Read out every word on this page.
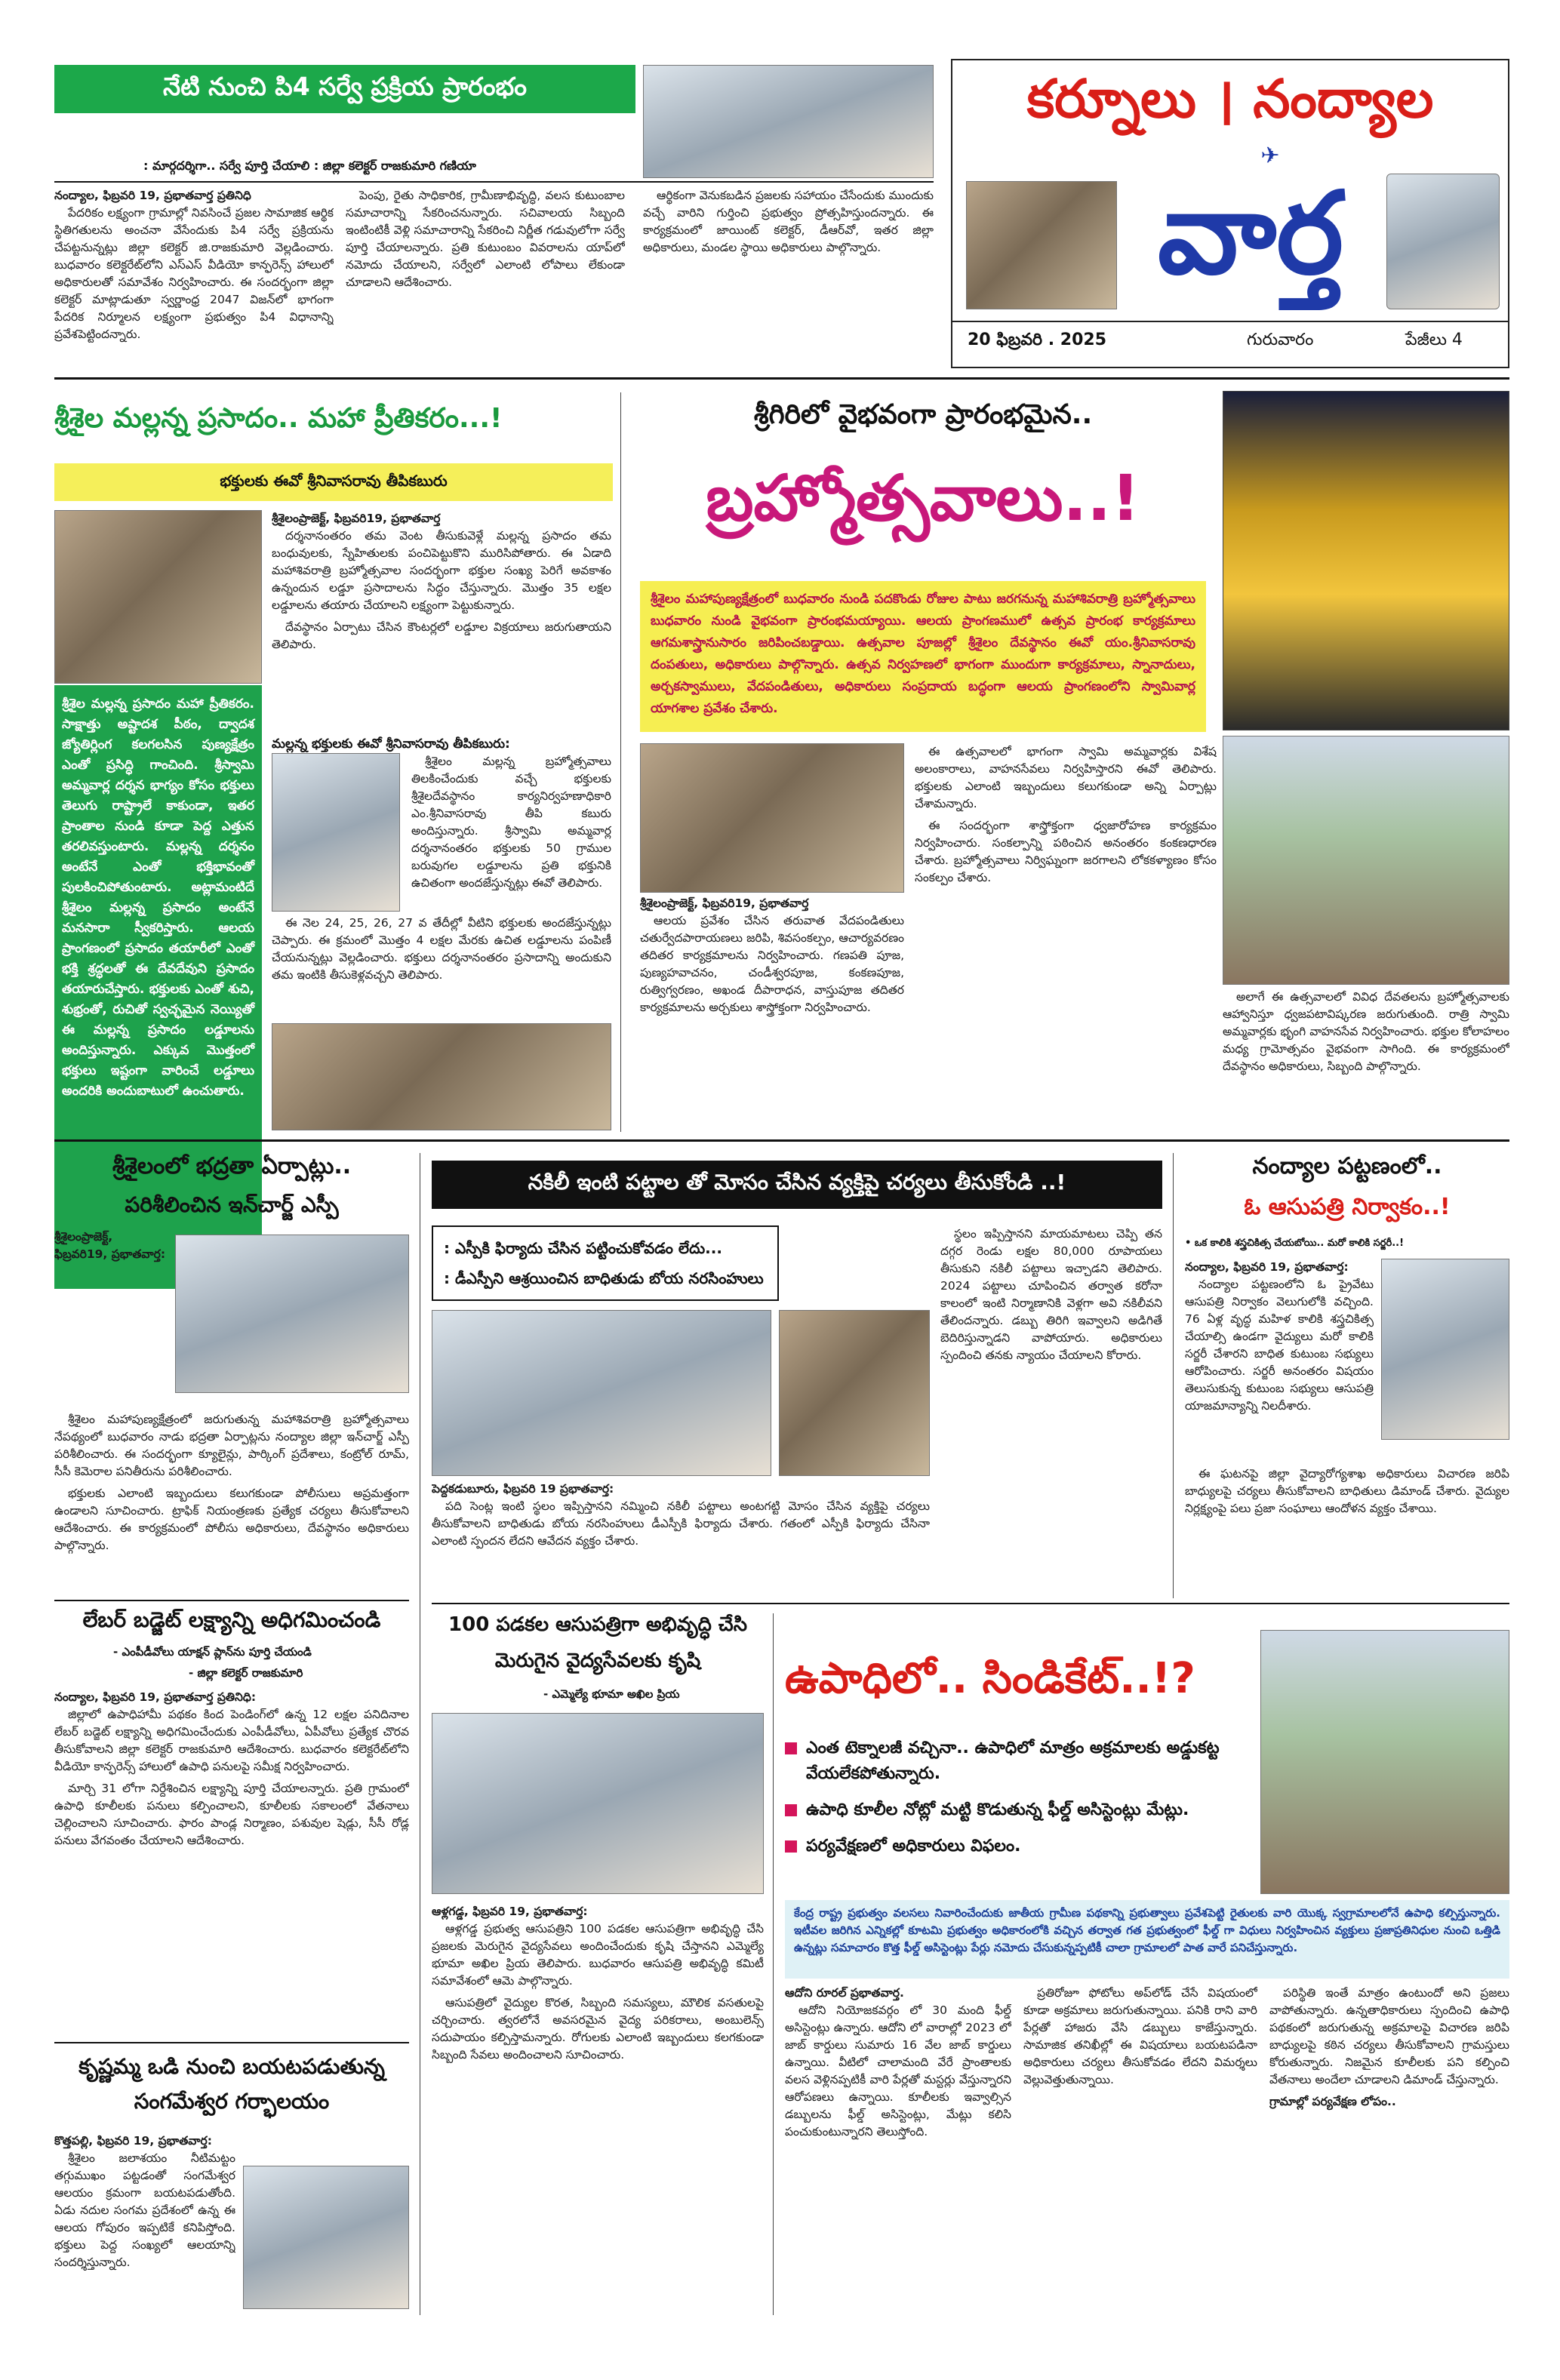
నేటి నుంచి పి4 సర్వే ప్రక్రియ ప్రారంభం
: మార్గదర్శిగా.. సర్వే పూర్తి చేయాలి : జిల్లా కలెక్టర్ రాజకుమారి గణియా
నంద్యాల, ఫిబ్రవరి 19, ప్రభాతవార్త ప్రతినిధి

పేదరికం లక్ష్యంగా గ్రామాల్లో నివసించే ప్రజల సామాజిక ఆర్థిక స్థితిగతులను అంచనా వేసేందుకు పి4 సర్వే ప్రక్రియను చేపట్టనున్నట్లు జిల్లా కలెక్టర్ జి.రాజకుమారి వెల్లడించారు. బుధవారం కలెక్టరేట్‌లోని ఎస్‌ఎస్ వీడియో కాన్ఫరెన్స్ హాలులో అధికారులతో సమావేశం నిర్వహించారు. ఈ సందర్భంగా జిల్లా కలెక్టర్ మాట్లాడుతూ స్వర్ణాంధ్ర 2047 విజన్‌లో భాగంగా పేదరిక నిర్మూలన లక్ష్యంగా ప్రభుత్వం పి4 విధానాన్ని ప్రవేశపెట్టిందన్నారు.

పెంపు, రైతు సాధికారిక, గ్రామీణాభివృద్ధి, వలస కుటుంబాల సమాచారాన్ని సేకరించనున్నారు. సచివాలయ సిబ్బంది ఇంటింటికీ వెళ్లి సమాచారాన్ని సేకరించి నిర్ణీత గడువులోగా సర్వే పూర్తి చేయాలన్నారు. ప్రతి కుటుంబం వివరాలను యాప్‌లో నమోదు చేయాలని, సర్వేలో ఎలాంటి లోపాలు లేకుండా చూడాలని ఆదేశించారు.

ఆర్థికంగా వెనుకబడిన ప్రజలకు సహాయం చేసేందుకు ముందుకు వచ్చే వారిని గుర్తించి ప్రభుత్వం ప్రోత్సహిస్తుందన్నారు. ఈ కార్యక్రమంలో జాయింట్ కలెక్టర్, డీఆర్‌వో, ఇతర జిల్లా అధికారులు, మండల స్థాయి అధికారులు పాల్గొన్నారు.

కర్నూలు । నంద్యాల
వార్త
✈
20 ఫిబ్రవరి . 2025	గురువారం	పేజీలు 4
శ్రీశైల మల్లన్న ప్రసాదం.. మహా ప్రీతికరం...!
భక్తులకు ఈవో శ్రీనివాసరావు తీపికబురు
శ్రీశైల మల్లన్న ప్రసాదం మహా ప్రీతికరం. సాక్షాత్తు అష్టాదశ పీఠం, ద్వాదశ జ్యోతిర్లింగ కలగలసిన పుణ్యక్షేత్రం ఎంతో ప్రసిద్ధి గాంచింది. శ్రీస్వామి అమ్మవార్ల దర్శన భాగ్యం కోసం భక్తులు తెలుగు రాష్ట్రాలే కాకుండా, ఇతర ప్రాంతాల నుండి కూడా పెద్ద ఎత్తున తరలివస్తుంటారు. మల్లన్న దర్శనం అంటేనే ఎంతో భక్తిభావంతో పులకించిపోతుంటారు. అట్లామంటిదే శ్రీశైలం మల్లన్న ప్రసాదం అంటేనే మనసారా స్వీకరిస్తారు. ఆలయ ప్రాంగణంలో ప్రసాదం తయారీలో ఎంతో భక్తి శ్రద్ధలతో ఈ దేవదేవుని ప్రసాదం తయారుచేస్తారు. భక్తులకు ఎంతో శుచి, శుభ్రంతో, రుచితో స్వచ్ఛమైన నెయ్యితో ఈ మల్లన్న ప్రసాదం లడ్డూలను అందిస్తున్నారు. ఎక్కువ మొత్తంలో భక్తులు ఇష్టంగా వారించే లడ్డూలు అందరికి అందుబాటులో ఉంచుతారు.
శ్రీశైలంప్రాజెక్ట్, ఫిబ్రవరి19, ప్రభాతవార్త

దర్శనానంతరం తమ వెంట తీసుకువెళ్లే మల్లన్న ప్రసాదం తమ బంధువులకు, స్నేహితులకు పంచిపెట్టుకొని మురిసిపోతారు. ఈ ఏడాది మహాశివరాత్రి బ్రహ్మోత్సవాల సందర్భంగా భక్తుల సంఖ్య పెరిగే అవకాశం ఉన్నందున లడ్డూ ప్రసాదాలను సిద్ధం చేస్తున్నారు. మొత్తం 35 లక్షల లడ్డూలను తయారు చేయాలని లక్ష్యంగా పెట్టుకున్నారు.

దేవస్థానం ఏర్పాటు చేసిన కౌంటర్లలో లడ్డూల విక్రయాలు జరుగుతాయని తెలిపారు.

మల్లన్న భక్తులకు ఈవో శ్రీనివాసరావు తీపికబురు:

శ్రీశైలం మల్లన్న బ్రహ్మోత్సవాలు తిలకించేందుకు వచ్చే భక్తులకు శ్రీశైలదేవస్థానం కార్యనిర్వహణాధికారి ఎం.శ్రీనివాసరావు తీపి కబురు అందిస్తున్నారు. శ్రీస్వామి అమ్మవార్ల దర్శనానంతరం భక్తులకు 50 గ్రాముల బరువుగల లడ్డూలను ప్రతి భక్తునికి ఉచితంగా అందజేస్తున్నట్లు ఈవో తెలిపారు.

ఈ నెల 24, 25, 26, 27 వ తేదీల్లో వీటిని భక్తులకు అందజేస్తున్నట్లు చెప్పారు. ఈ క్రమంలో మొత్తం 4 లక్షల మేరకు ఉచిత లడ్డూలను పంపిణీ చేయనున్నట్లు వెల్లడించారు. భక్తులు దర్శనానంతరం ప్రసాదాన్ని అందుకుని తమ ఇంటికి తీసుకెళ్లవచ్చని తెలిపారు.

శ్రీగిరిలో వైభవంగా ప్రారంభమైన..
బ్రహ్మోత్సవాలు..!
శ్రీశైలం మహాపుణ్యక్షేత్రంలో బుధవారం నుండి పదకొండు రోజుల పాటు జరగనున్న మహాశివరాత్రి బ్రహ్మోత్సవాలు బుధవారం నుండి వైభవంగా ప్రారంభమయ్యాయి. ఆలయ ప్రాంగణములో ఉత్సవ ప్రారంభ కార్యక్రమాలు ఆగమశాస్త్రానుసారం జరిపించబడ్డాయి. ఉత్సవాల పూజల్లో శ్రీశైలం దేవస్థానం ఈవో యం.శ్రీనివాసరావు దంపతులు, అధికారులు పాల్గొన్నారు. ఉత్సవ నిర్వహణలో భాగంగా ముందుగా కార్యక్రమాలు, స్నానాదులు, అర్చకస్వాములు, వేదపండితులు, అధికారులు సంప్రదాయ బద్ధంగా ఆలయ ప్రాంగణంలోని స్వామివార్ల యాగశాల ప్రవేశం చేశారు.
శ్రీశైలంప్రాజెక్ట్, ఫిబ్రవరి19, ప్రభాతవార్త

ఆలయ ప్రవేశం చేసిన తరువాత వేదపండితులు చతుర్వేదపారాయణలు జరిపి, శివసంకల్పం, ఆచార్యవరణం తదితర కార్యక్రమాలను నిర్వహించారు. గణపతి పూజ, పుణ్యహవాచనం, చండీశ్వరపూజ, కంకణపూజ, రుత్విగ్వరణం, అఖండ దీపారాధన, వాస్తుపూజ తదితర కార్యక్రమాలను అర్చకులు శాస్త్రోక్తంగా నిర్వహించారు.

ఈ ఉత్సవాలలో భాగంగా స్వామి అమ్మవార్లకు విశేష అలంకారాలు, వాహనసేవలు నిర్వహిస్తారని ఈవో తెలిపారు. భక్తులకు ఎలాంటి ఇబ్బందులు కలుగకుండా అన్ని ఏర్పాట్లు చేశామన్నారు.

ఈ సందర్భంగా శాస్త్రోక్తంగా ధ్వజారోహణ కార్యక్రమం నిర్వహించారు. సంకల్పాన్ని పఠించిన అనంతరం కంకణధారణ చేశారు. బ్రహ్మోత్సవాలు నిర్విఘ్నంగా జరగాలని లోకకళ్యాణం కోసం సంకల్పం చేశారు.

అలాగే ఈ ఉత్సవాలలో వివిధ దేవతలను బ్రహ్మోత్సవాలకు ఆహ్వానిస్తూ ధ్వజపటావిష్కరణ జరుగుతుంది. రాత్రి స్వామి అమ్మవార్లకు భృంగి వాహనసేవ నిర్వహించారు. భక్తుల కోలాహలం మధ్య గ్రామోత్సవం వైభవంగా సాగింది. ఈ కార్యక్రమంలో దేవస్థానం అధికారులు, సిబ్బంది పాల్గొన్నారు.

శ్రీశైలంలో భద్రతా ఏర్పాట్లు..
పరిశీలించిన ఇన్‌చార్జ్ ఎస్పీ
శ్రీశైలంప్రాజెక్ట్, ఫిబ్రవరి19, ప్రభాతవార్త:

శ్రీశైలం మహాపుణ్యక్షేత్రంలో జరుగుతున్న మహాశివరాత్రి బ్రహ్మోత్సవాలు నేపథ్యంలో బుధవారం నాడు భద్రతా ఏర్పాట్లను నంద్యాల జిల్లా ఇన్‌చార్జ్ ఎస్పీ పరిశీలించారు. ఈ సందర్భంగా క్యూలైన్లు, పార్కింగ్ ప్రదేశాలు, కంట్రోల్ రూమ్, సీసీ కెమెరాల పనితీరును పరిశీలించారు.

భక్తులకు ఎలాంటి ఇబ్బందులు కలుగకుండా పోలీసులు అప్రమత్తంగా ఉండాలని సూచించారు. ట్రాఫిక్ నియంత్రణకు ప్రత్యేక చర్యలు తీసుకోవాలని ఆదేశించారు. ఈ కార్యక్రమంలో పోలీసు అధికారులు, దేవస్థానం అధికారులు పాల్గొన్నారు.

లేబర్ బడ్జెట్ లక్ష్యాన్ని అధిగమించండి
- ఎంపీడీవోలు యాక్షన్ ప్లాన్‌ను పూర్తి చేయండి
- జిల్లా కలెక్టర్ రాజకుమారి
నంద్యాల, ఫిబ్రవరి 19, ప్రభాతవార్త ప్రతినిధి:

జిల్లాలో ఉపాధిహామీ పథకం కింద పెండింగ్‌లో ఉన్న 12 లక్షల పనిదినాల లేబర్ బడ్జెట్ లక్ష్యాన్ని అధిగమించేందుకు ఎంపీడీవోలు, ఏపీవోలు ప్రత్యేక చొరవ తీసుకోవాలని జిల్లా కలెక్టర్ రాజకుమారి ఆదేశించారు. బుధవారం కలెక్టరేట్‌లోని వీడియో కాన్ఫరెన్స్ హాలులో ఉపాధి పనులపై సమీక్ష నిర్వహించారు.

మార్చి 31 లోగా నిర్దేశించిన లక్ష్యాన్ని పూర్తి చేయాలన్నారు. ప్రతి గ్రామంలో ఉపాధి కూలీలకు పనులు కల్పించాలని, కూలీలకు సకాలంలో వేతనాలు చెల్లించాలని సూచించారు. ఫారం పాండ్ల నిర్మాణం, పశువుల షెడ్లు, సీసీ రోడ్ల పనులు వేగవంతం చేయాలని ఆదేశించారు.

కృష్ణమ్మ ఒడి నుంచి బయటపడుతున్న సంగమేశ్వర గర్భాలయం
కొత్తపల్లి, ఫిబ్రవరి 19, ప్రభాతవార్త:

శ్రీశైలం జలాశయం నీటిమట్టం తగ్గుముఖం పట్టడంతో సంగమేశ్వర ఆలయం క్రమంగా బయటపడుతోంది. ఏడు నదుల సంగమ ప్రదేశంలో ఉన్న ఈ ఆలయ గోపురం ఇప్పటికే కనిపిస్తోంది. భక్తులు పెద్ద సంఖ్యలో ఆలయాన్ని సందర్శిస్తున్నారు.

నకిలీ ఇంటి పట్టాల తో మోసం చేసిన వ్యక్తిపై చర్యలు తీసుకోండి ..!
: ఎస్పీకి ఫిర్యాదు చేసిన పట్టించుకోవడం లేదు...
: డీఎస్పీని ఆశ్రయించిన బాధితుడు బోయ నరసింహులు
పెద్దకడుబూరు, ఫిబ్రవరి 19 ప్రభాతవార్త:

పది సెంట్ల ఇంటి స్థలం ఇప్పిస్తానని నమ్మించి నకిలీ పట్టాలు అంటగట్టి మోసం చేసిన వ్యక్తిపై చర్యలు తీసుకోవాలని బాధితుడు బోయ నరసింహులు డీఎస్పీకి ఫిర్యాదు చేశారు. గతంలో ఎస్పీకి ఫిర్యాదు చేసినా ఎలాంటి స్పందన లేదని ఆవేదన వ్యక్తం చేశారు.

స్థలం ఇప్పిస్తానని మాయమాటలు చెప్పి తన దగ్గర రెండు లక్షల 80,000 రూపాయలు తీసుకుని నకిలీ పట్టాలు ఇచ్చాడని తెలిపారు. 2024 పట్టాలు చూపించిన తర్వాత కరోనా కాలంలో ఇంటి నిర్మాణానికి వెళ్లగా అవి నకిలీవని తేలిందన్నారు. డబ్బు తిరిగి ఇవ్వాలని అడిగితే బెదిరిస్తున్నాడని వాపోయారు. అధికారులు స్పందించి తనకు న్యాయం చేయాలని కోరారు.

నంద్యాల పట్టణంలో..
ఓ ఆసుపత్రి నిర్వాకం..!
• ఒక కాలికి శస్త్రచికిత్స చేయబోయి.. మరో కాలికి సర్జరీ..!
నంద్యాల, ఫిబ్రవరి 19, ప్రభాతవార్త:

నంద్యాల పట్టణంలోని ఓ ప్రైవేటు ఆసుపత్రి నిర్వాకం వెలుగులోకి వచ్చింది. 76 ఏళ్ల వృద్ధ మహిళ కాలికి శస్త్రచికిత్స చేయాల్సి ఉండగా వైద్యులు మరో కాలికి సర్జరీ చేశారని బాధిత కుటుంబ సభ్యులు ఆరోపించారు. సర్జరీ అనంతరం విషయం తెలుసుకున్న కుటుంబ సభ్యులు ఆసుపత్రి యాజమాన్యాన్ని నిలదీశారు.

ఈ ఘటనపై జిల్లా వైద్యారోగ్యశాఖ అధికారులు విచారణ జరిపి బాధ్యులపై చర్యలు తీసుకోవాలని బాధితులు డిమాండ్ చేశారు. వైద్యుల నిర్లక్ష్యంపై పలు ప్రజా సంఘాలు ఆందోళన వ్యక్తం చేశాయి.

100 పడకల ఆసుపత్రిగా అభివృద్ధి చేసి
మెరుగైన వైద్యసేవలకు కృషి
- ఎమ్మెల్యే భూమా అఖిల ప్రియ
ఆళ్లగడ్డ, ఫిబ్రవరి 19, ప్రభాతవార్త:

ఆళ్లగడ్డ ప్రభుత్వ ఆసుపత్రిని 100 పడకల ఆసుపత్రిగా అభివృద్ధి చేసి ప్రజలకు మెరుగైన వైద్యసేవలు అందించేందుకు కృషి చేస్తానని ఎమ్మెల్యే భూమా అఖిల ప్రియ తెలిపారు. బుధవారం ఆసుపత్రి అభివృద్ధి కమిటీ సమావేశంలో ఆమె పాల్గొన్నారు.

ఆసుపత్రిలో వైద్యుల కొరత, సిబ్బంది సమస్యలు, మౌలిక వసతులపై చర్చించారు. త్వరలోనే అవసరమైన వైద్య పరికరాలు, అంబులెన్స్ సదుపాయం కల్పిస్తామన్నారు. రోగులకు ఎలాంటి ఇబ్బందులు కలగకుండా సిబ్బంది సేవలు అందించాలని సూచించారు.

ఉపాధిలో.. సిండికేట్..!?
ఎంత టెక్నాలజీ వచ్చినా.. ఉపాధిలో మాత్రం అక్రమాలకు అడ్డుకట్ట వేయలేకపోతున్నారు.
ఉపాధి కూలీల నోట్లో మట్టి కొడుతున్న ఫీల్డ్ అసిస్టెంట్లు మేట్లు.
పర్యవేక్షణలో అధికారులు విఫలం.
కేంద్ర రాష్ట్ర ప్రభుత్వం వలసలు నివారించేందుకు జాతీయ గ్రామీణ పథకాన్ని ప్రభుత్వాలు ప్రవేశపెట్టి రైతులకు వారి యొక్క స్వగ్రామాలలోనే ఉపాధి కల్పిస్తున్నారు. ఇటీవల జరిగిన ఎన్నికల్లో కూటమి ప్రభుత్వం అధికారంలోకి వచ్చిన తర్వాత గత ప్రభుత్వంలో ఫీల్డ్ గా విధులు నిర్వహించిన వ్యక్తులు ప్రజాప్రతినిధుల నుంచి ఒత్తిడి ఉన్నట్లు సమాచారం కొత్త ఫీల్డ్ అసిస్టెంట్లు పేర్లు నమోదు చేసుకున్నప్పటికీ చాలా గ్రామాలలో పాత వారే పనిచేస్తున్నారు.
ఆదోని రూరల్ ప్రభాతవార్త.

ఆదోని నియోజకవర్గం లో 30 మంది ఫీల్డ్ అసిస్టెంట్లు ఉన్నారు. ఆదోని లో వారాల్లో 2023 లో జాబ్ కార్డులు సుమారు 16 వేల జాబ్ కార్డులు ఉన్నాయి. వీటిలో చాలామంది వేరే ప్రాంతాలకు వలస వెళ్లినప్పటికీ వారి పేర్లతో మస్టర్లు వేస్తున్నారని ఆరోపణలు ఉన్నాయి. కూలీలకు ఇవ్వాల్సిన డబ్బులను ఫీల్డ్ అసిస్టెంట్లు, మేట్లు కలిసి పంచుకుంటున్నారని తెలుస్తోంది.

ప్రతిరోజూ ఫోటోలు అప్‌లోడ్ చేసే విషయంలో కూడా అక్రమాలు జరుగుతున్నాయి. పనికి రాని వారి పేర్లతో హాజరు వేసి డబ్బులు కాజేస్తున్నారు. సామాజిక తనిఖీల్లో ఈ విషయాలు బయటపడినా అధికారులు చర్యలు తీసుకోవడం లేదని విమర్శలు వెల్లువెత్తుతున్నాయి.

పరిస్థితి ఇంతే మాత్రం ఉంటుందో అని ప్రజలు వాపోతున్నారు. ఉన్నతాధికారులు స్పందించి ఉపాధి పథకంలో జరుగుతున్న అక్రమాలపై విచారణ జరిపి బాధ్యులపై కఠిన చర్యలు తీసుకోవాలని గ్రామస్తులు కోరుతున్నారు. నిజమైన కూలీలకు పని కల్పించి వేతనాలు అందేలా చూడాలని డిమాండ్ చేస్తున్నారు.

గ్రామాల్లో పర్యవేక్షణ లోపం..
